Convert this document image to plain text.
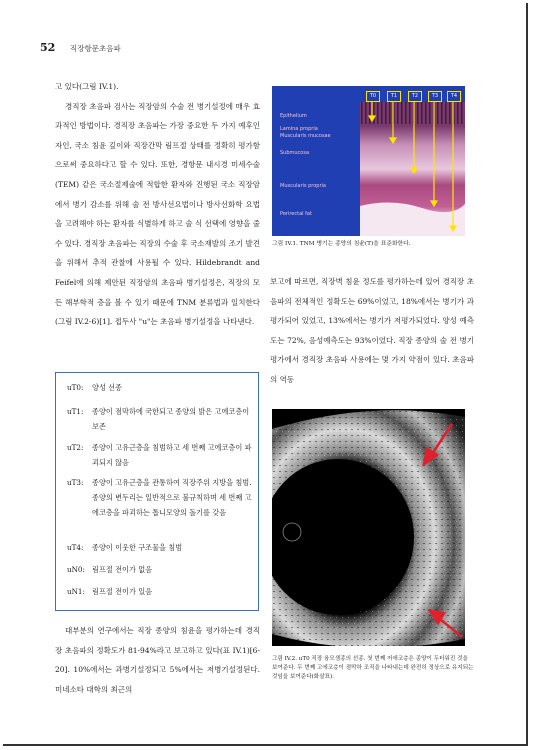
52 직장항문초음파

고 있다(그림 IV.1).

경직장 초음파 검사는 직장암의 수술 전 병기설정에 매우 효과적인 방법이다. 경직장 초음파는 가장 중요한 두 가지 예후인자인, 국소 침윤 깊이와 직장간막 림프절 상태를 정확히 평가함으로써 중요하다고 할 수 있다. 또한, 경항문 내시경 미세수술(TEM) 같은 국소절제술에 적합한 환자와 진행된 국소 직장암에서 병기 감소를 위해 술 전 방사선요법이나 방사선화학 요법을 고려해야 하는 환자를 식별하게 하고 술 식 선택에 영향을 줄 수 있다. 경직장 초음파는 직장의 수술 후 국소재발의 조기 발견을 위해서 추적 관찰에 사용될 수 있다. Hildebrandt and Feifel에 의해 제안된 직장암의 초음파 병기설정은, 직장의 모든 해부학적 층을 볼 수 있기 때문에 TNM 분류법과 일치한다(그림 IV.2-6)[1]. 접두사 "u"는 초음파 병기설정을 나타낸다.

uT0:	양성 선종
uT1:	종양이 점막하에 국한되고 종양의 밝은 고에코층이 보존
uT2:	종양이 고유근층을 침범하고 세 번째 고에코층이 파괴되지 않음
uT3:	종양이 고유근층을 관통하여 직장주위 지방을 침범. 종양의 변두리는 일반적으로 불규칙하며 세 번째 고에코층을 파괴하는 톱니모양의 돌기를 갖음
uT4:	종양이 이웃한 구조물을 침범
uN0: 림프절 전이가 없음
uN1: 림프절 전이가 있음

대부분의 연구에서는 직장 종양의 침윤을 평가하는데 경직장 초음파의 정확도가 81-94%라고 보고하고 있다(표 IV.1)[6-20]. 10%에서는 과병기설정되고 5%에서는 저병기설정된다. 미네소타 대학의 최근의

Epithelium
Lamina propria
Muscularis mucosae
Submucosa
Muscularis propria
Perirectal fat
T0	T1	T2	T3	T4
그림 IV.1. TNM 병기는 종양의 침윤(T)을 표준화한다.
그림 IV.2. uT0 직장 융모샘종의 선종. 첫 번째 저에코층은 종양이 두터워진 것을 보여준다. 두 번째 고에코층이 점막하 조직을 나타내는데 완전히 정상으로 유지되는 것임을 보여준다(화살표).

보고에 따르면, 직장벽 침윤 정도를 평가하는데 있어 경직장 초음파의 전체적인 정확도는 69%이었고, 18%에서는 병기가 과평가되어 있었고, 13%에서는 병기가 저평가되었다. 양성 예측도는 72%, 음성예측도는 93%이었다. 직장 종양의 술 전 병기평가에서 경직장 초음파 사용에는 몇 가지 약점이 있다. 초음파의 역동
